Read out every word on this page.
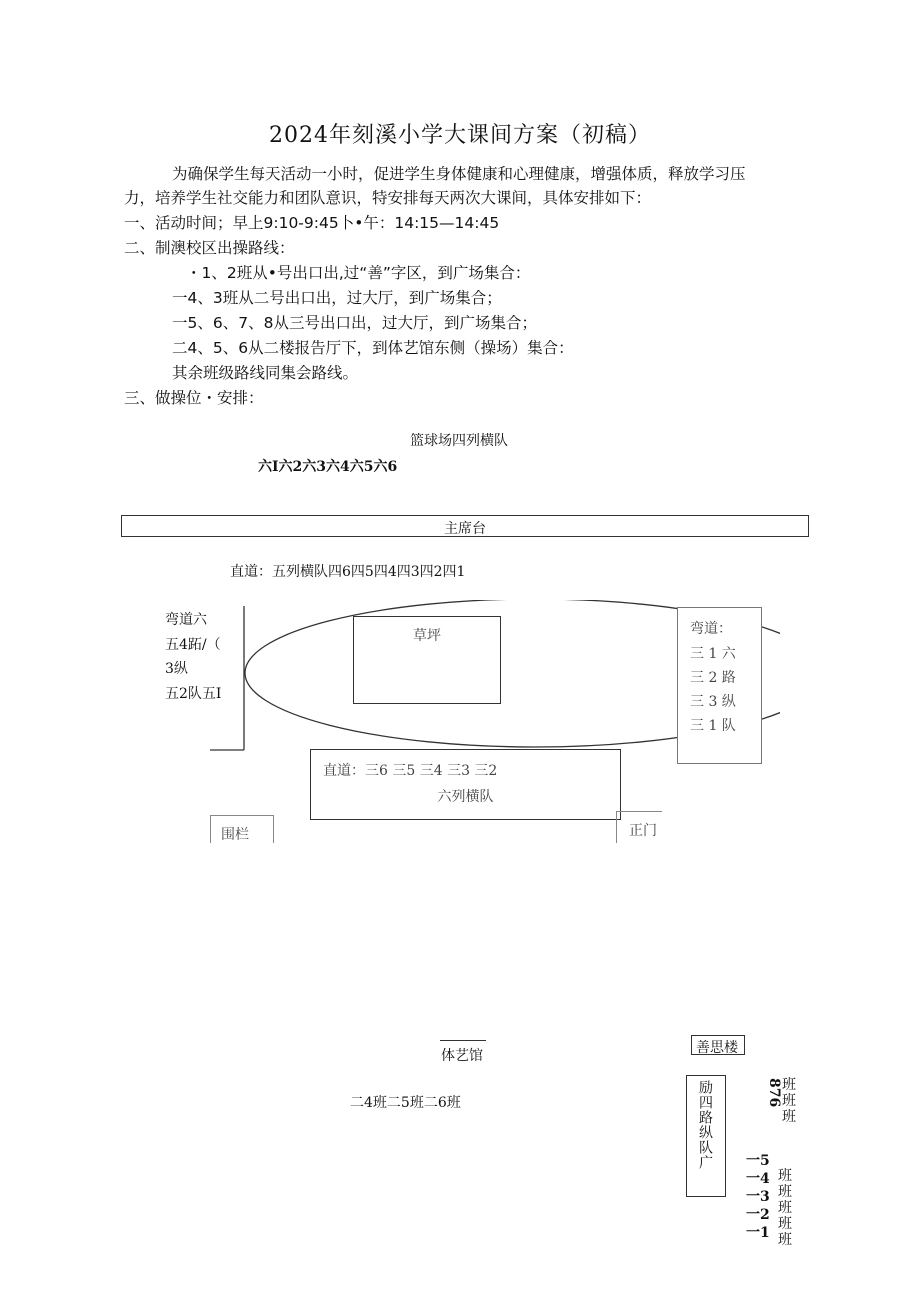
2024年刻溪小学大课间方案（初稿）
为确保学生每天活动一小时，促进学生身体健康和心理健康，增强体质，释放学习压
力，培养学生社交能力和团队意识，特安排每天两次大课间，具体安排如下：
一、活动时间；早上9:10-9:45卜•午：14:15—14:45
二、制澳校区出操路线：
・1、2班从•号出口出,过“善”字区，到广场集合：
一4、3班从二号出口出，过大厅，到广场集合；
一5、6、7、8从三号出口出，过大厅，到广场集合；
二4、5、6从二楼报告厅下，到体艺馆东侧（操场）集合：
其余班级路线同集会路线。
三、做操位・安排：
篮球场四列横队
六I六2六3六4六5六6
主席台
直道：五列横队四6四5四4四3四2四1
弯道六
五4跖/（
3纵
五2队五I
草坪	弯道：
三 1 六
三 2 路
三 3 纵
三 1 队
直道：三6 三5 三4 三3 三2
六列横队
围栏	正门
体艺馆
二4班二5班二6班
善思楼
励四路纵队广	876 班
班
班
一5
一4
一3
一2
一1
班
班
班
班
班
